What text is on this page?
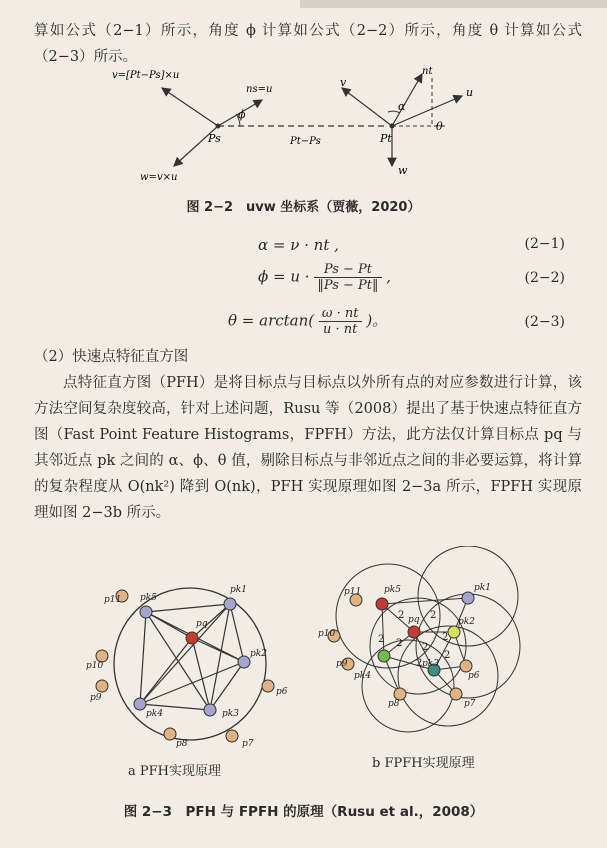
算如公式（2−1）所示，角度 ϕ 计算如公式（2−2）所示，角度 θ 计算如公式（2−3）所示。
v=[Pt−Ps]×u
ns=u
ϕ
Ps	Pt−Ps	Pt
α
θ
nt
v
u
w
w=v×u
图 2−2　uvw 坐标系（贾薇，2020）
α = ν · nt ,	(2−1)
$\phi = u \cdot \frac{Ps - Pt}{‖Ps - Pt‖}$ ,	(2−2)
$\theta = \arctan( \frac{\omega \cdot nt}{u \cdot nt}$ )。	(2−3)
（2）快速点特征直方图
点特征直方图（PFH）是将目标点与目标点以外所有点的对应参数进行计算，该方法空间复杂度较高，针对上述问题，Rusu 等（2008）提出了基于快速点特征直方图（Fast Point Feature Histograms，FPFH）方法，此方法仅计算目标点 pq 与其邻近点 pk 之间的 α、ϕ、θ 值，剔除目标点与非邻近点之间的非必要运算，将计算的复杂程度从 O(nk²) 降到 O(nk)，PFH 实现原理如图 2−3a 所示，FPFH 实现原理如图 2−3b 所示。
p11 pk5
pk1
pq
pk2
p10
p9
pk4	pk3
p6
p8	p7
p11	pk5	pk1
pq	pk2
p10
p9
pk4
pk3
p6
p8	p7
2	2
2
2
2
2
2
2
a PFH实现原理
b FPFH实现原理
图 2−3　PFH 与 FPFH 的原理（Rusu et al.，2008）
